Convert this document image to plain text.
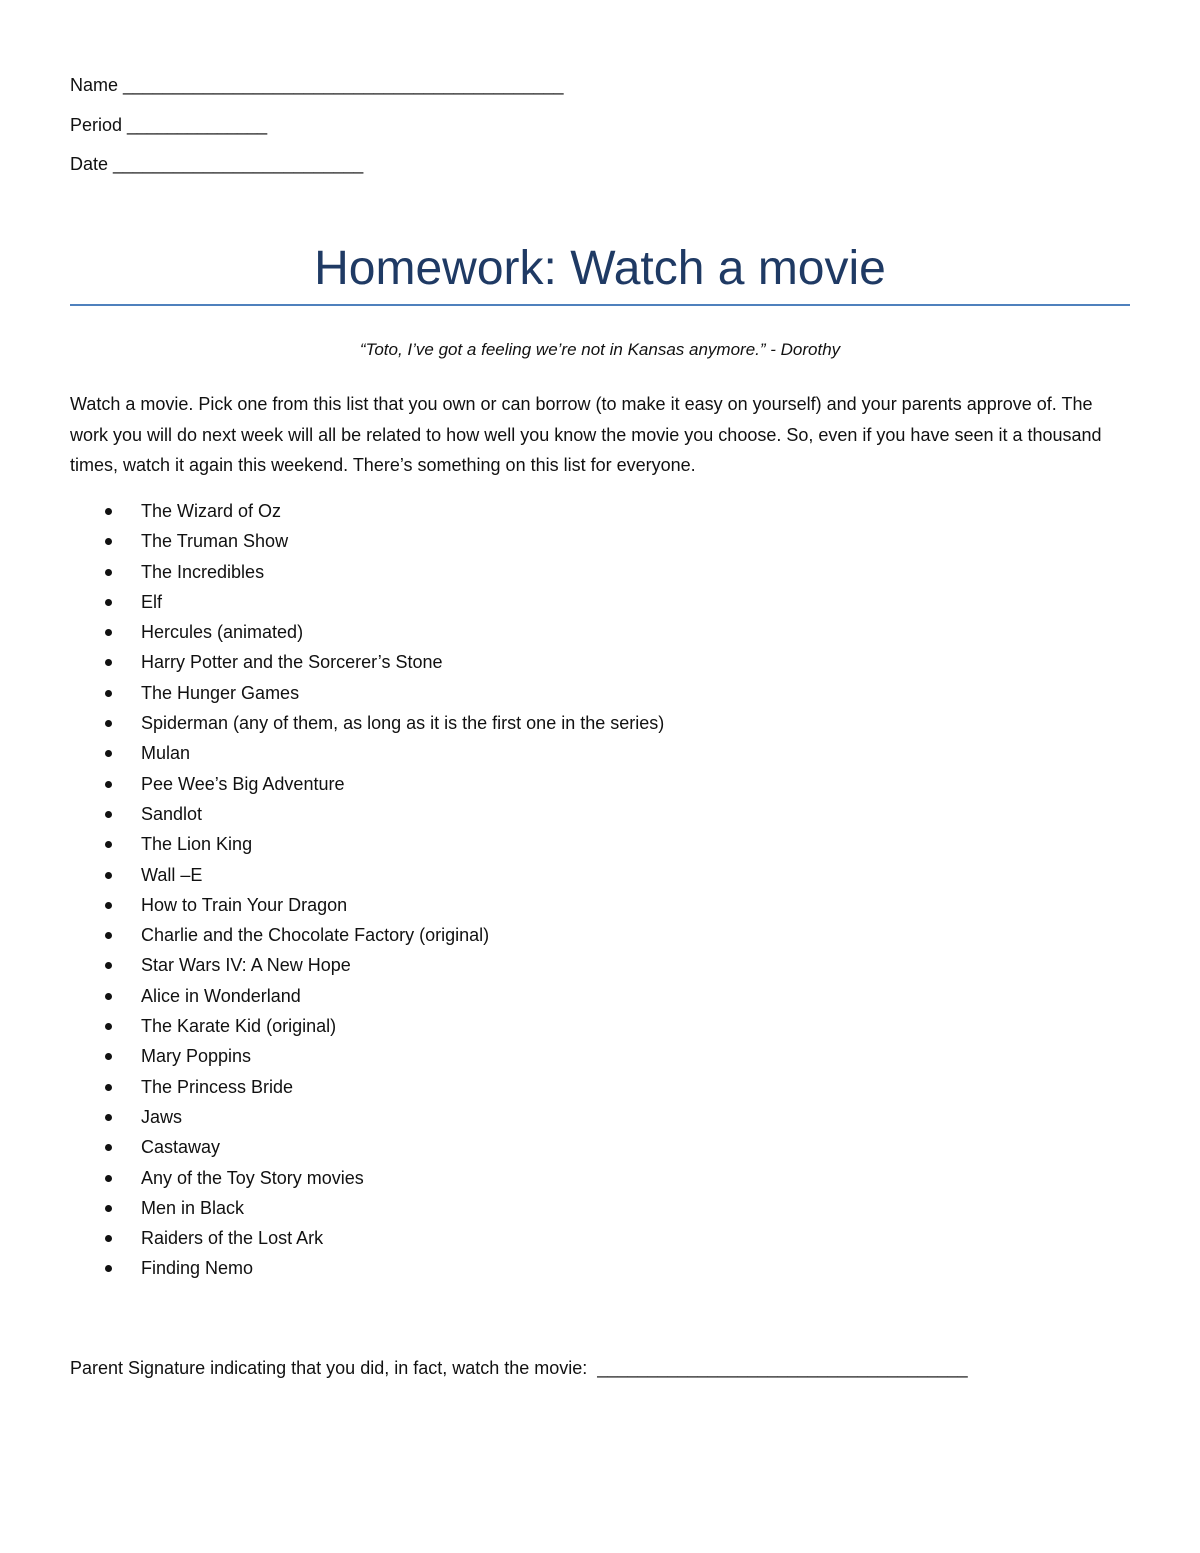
Name ____________________________________________
Period ______________
Date _________________________
Homework: Watch a movie
“Toto, I’ve got a feeling we’re not in Kansas anymore.” - Dorothy
Watch a movie. Pick one from this list that you own or can borrow (to make it easy on yourself) and your parents approve of. The work you will do next week will all be related to how well you know the movie you choose. So, even if you have seen it a thousand times, watch it again this weekend. There’s something on this list for everyone.
The Wizard of Oz
The Truman Show
The Incredibles
Elf
Hercules (animated)
Harry Potter and the Sorcerer’s Stone
The Hunger Games
Spiderman (any of them, as long as it is the first one in the series)
Mulan
Pee Wee’s Big Adventure
Sandlot
The Lion King
Wall –E
How to Train Your Dragon
Charlie and the Chocolate Factory (original)
Star Wars IV: A New Hope
Alice in Wonderland
The Karate Kid (original)
Mary Poppins
The Princess Bride
Jaws
Castaway
Any of the Toy Story movies
Men in Black
Raiders of the Lost Ark
Finding Nemo
Parent Signature indicating that you did, in fact, watch the movie:  _____________________________________
